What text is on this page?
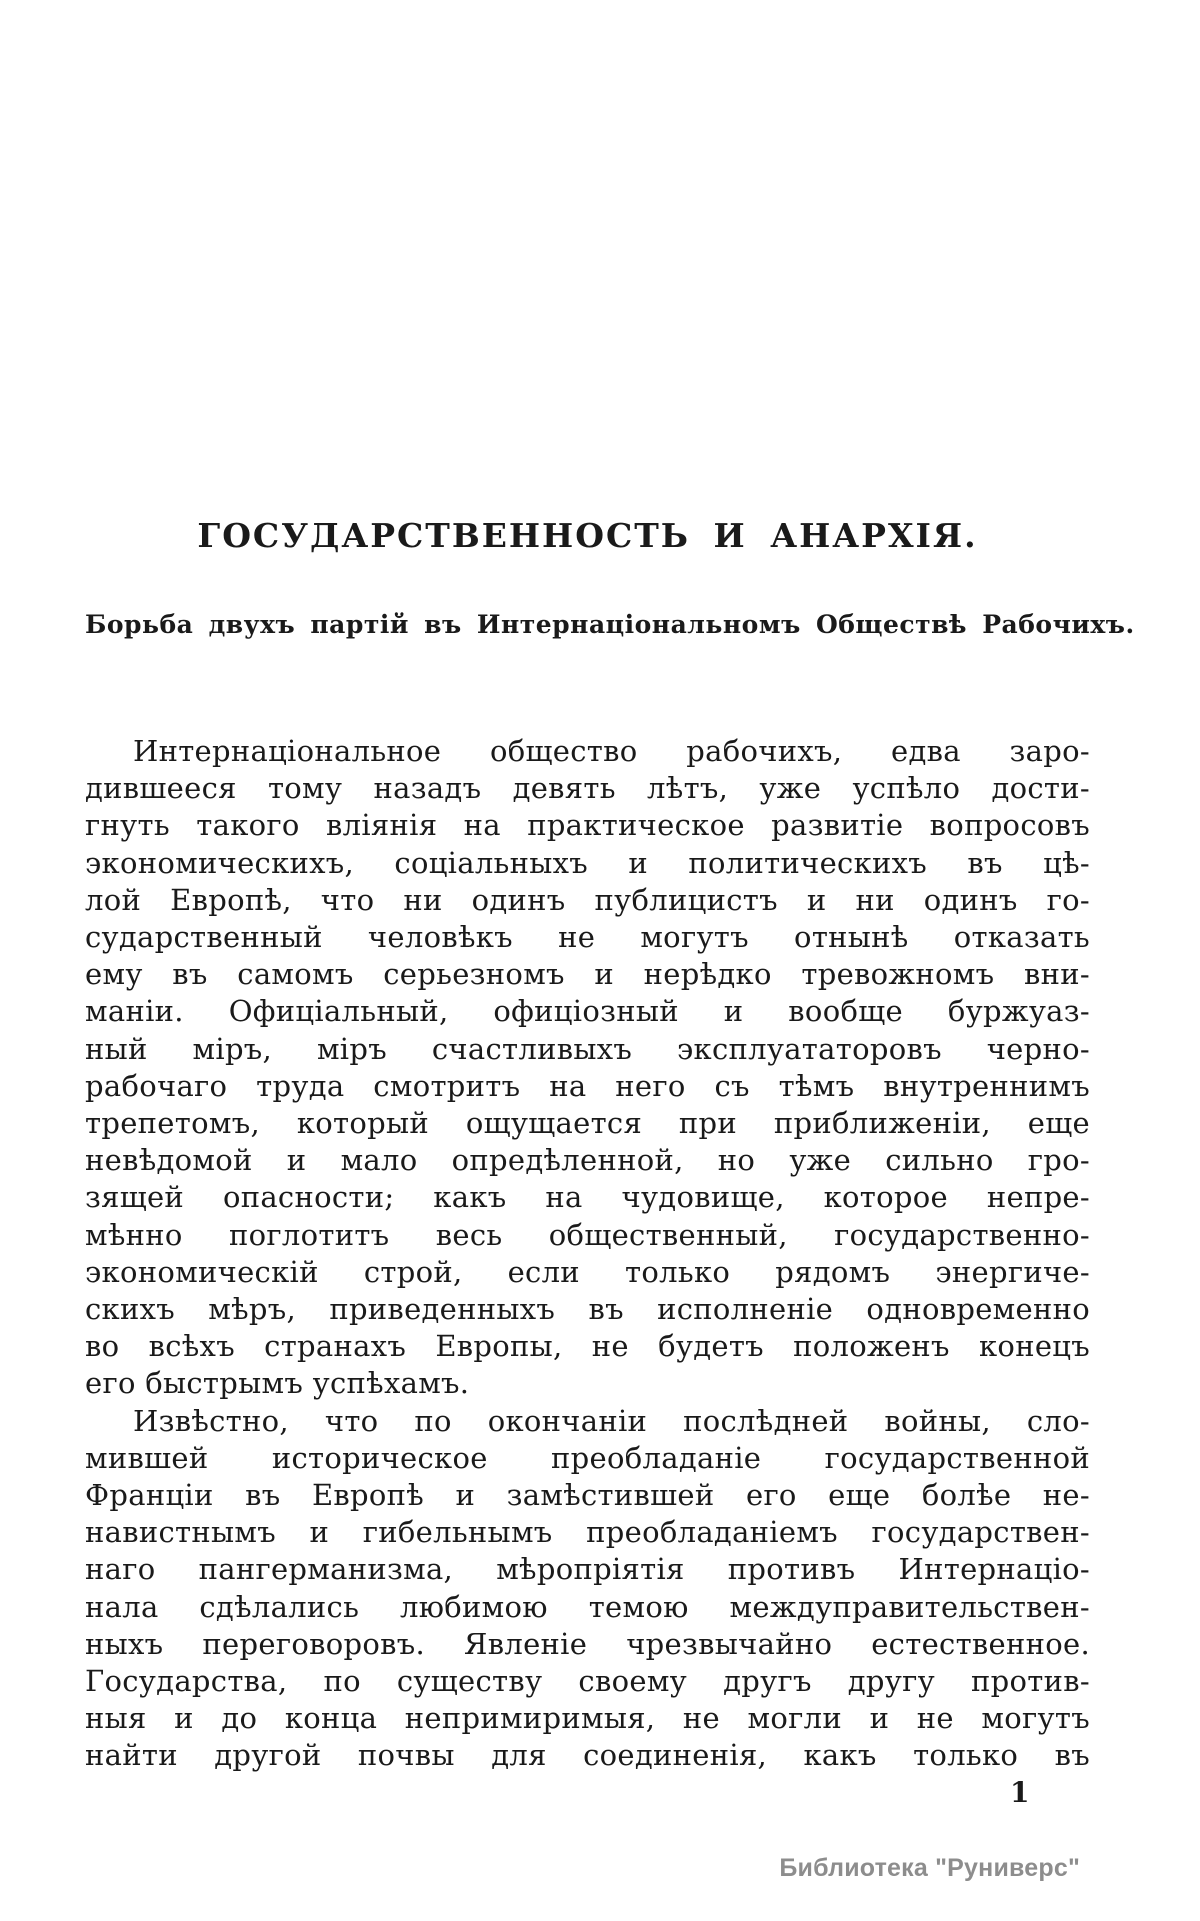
ГОСУДАРСТВЕННОСТЬ И АНАРХІЯ.
Борьба двухъ партій въ Интернаціональномъ Обществѣ Рабочихъ.
Интернаціональное общество рабочихъ, едва заро-
дившееся тому назадъ девять лѣтъ, уже успѣло дости-
гнуть такого вліянія на практическое развитіе вопросовъ
экономическихъ, соціальныхъ и политическихъ въ цѣ-
лой Европѣ, что ни одинъ публицистъ и ни одинъ го-
сударственный человѣкъ не могутъ отнынѣ отказать
ему въ самомъ серьезномъ и нерѣдко тревожномъ вни-
маніи. Офиціальный, офиціозный и вообще буржуаз-
ный міръ, міръ счастливыхъ эксплуататоровъ черно-
рабочаго труда смотритъ на него съ тѣмъ внутреннимъ
трепетомъ, который ощущается при приближеніи, еще
невѣдомой и мало опредѣленной, но уже сильно гро-
зящей опасности; какъ на чудовище, которое непре-
мѣнно поглотитъ весь общественный, государственно-
экономическій строй, если только рядомъ энергиче-
скихъ мѣръ, приведенныхъ въ исполненіе одновременно
во всѣхъ странахъ Европы, не будетъ положенъ конецъ
его быстрымъ успѣхамъ.
Извѣстно, что по окончаніи послѣдней войны, сло-
мившей историческое преобладаніе государственной
Франціи въ Европѣ и замѣстившей его еще болѣе не-
навистнымъ и гибельнымъ преобладаніемъ государствен-
наго пангерманизма, мѣропріятія противъ Интернаціо-
нала сдѣлались любимою темою междуправительствен-
ныхъ переговоровъ. Явленіе чрезвычайно естественное.
Государства, по существу своему другъ другу против-
ныя и до конца непримиримыя, не могли и не могутъ
найти другой почвы для соединенія, какъ только въ
1
Библиотека "Руниверс"
